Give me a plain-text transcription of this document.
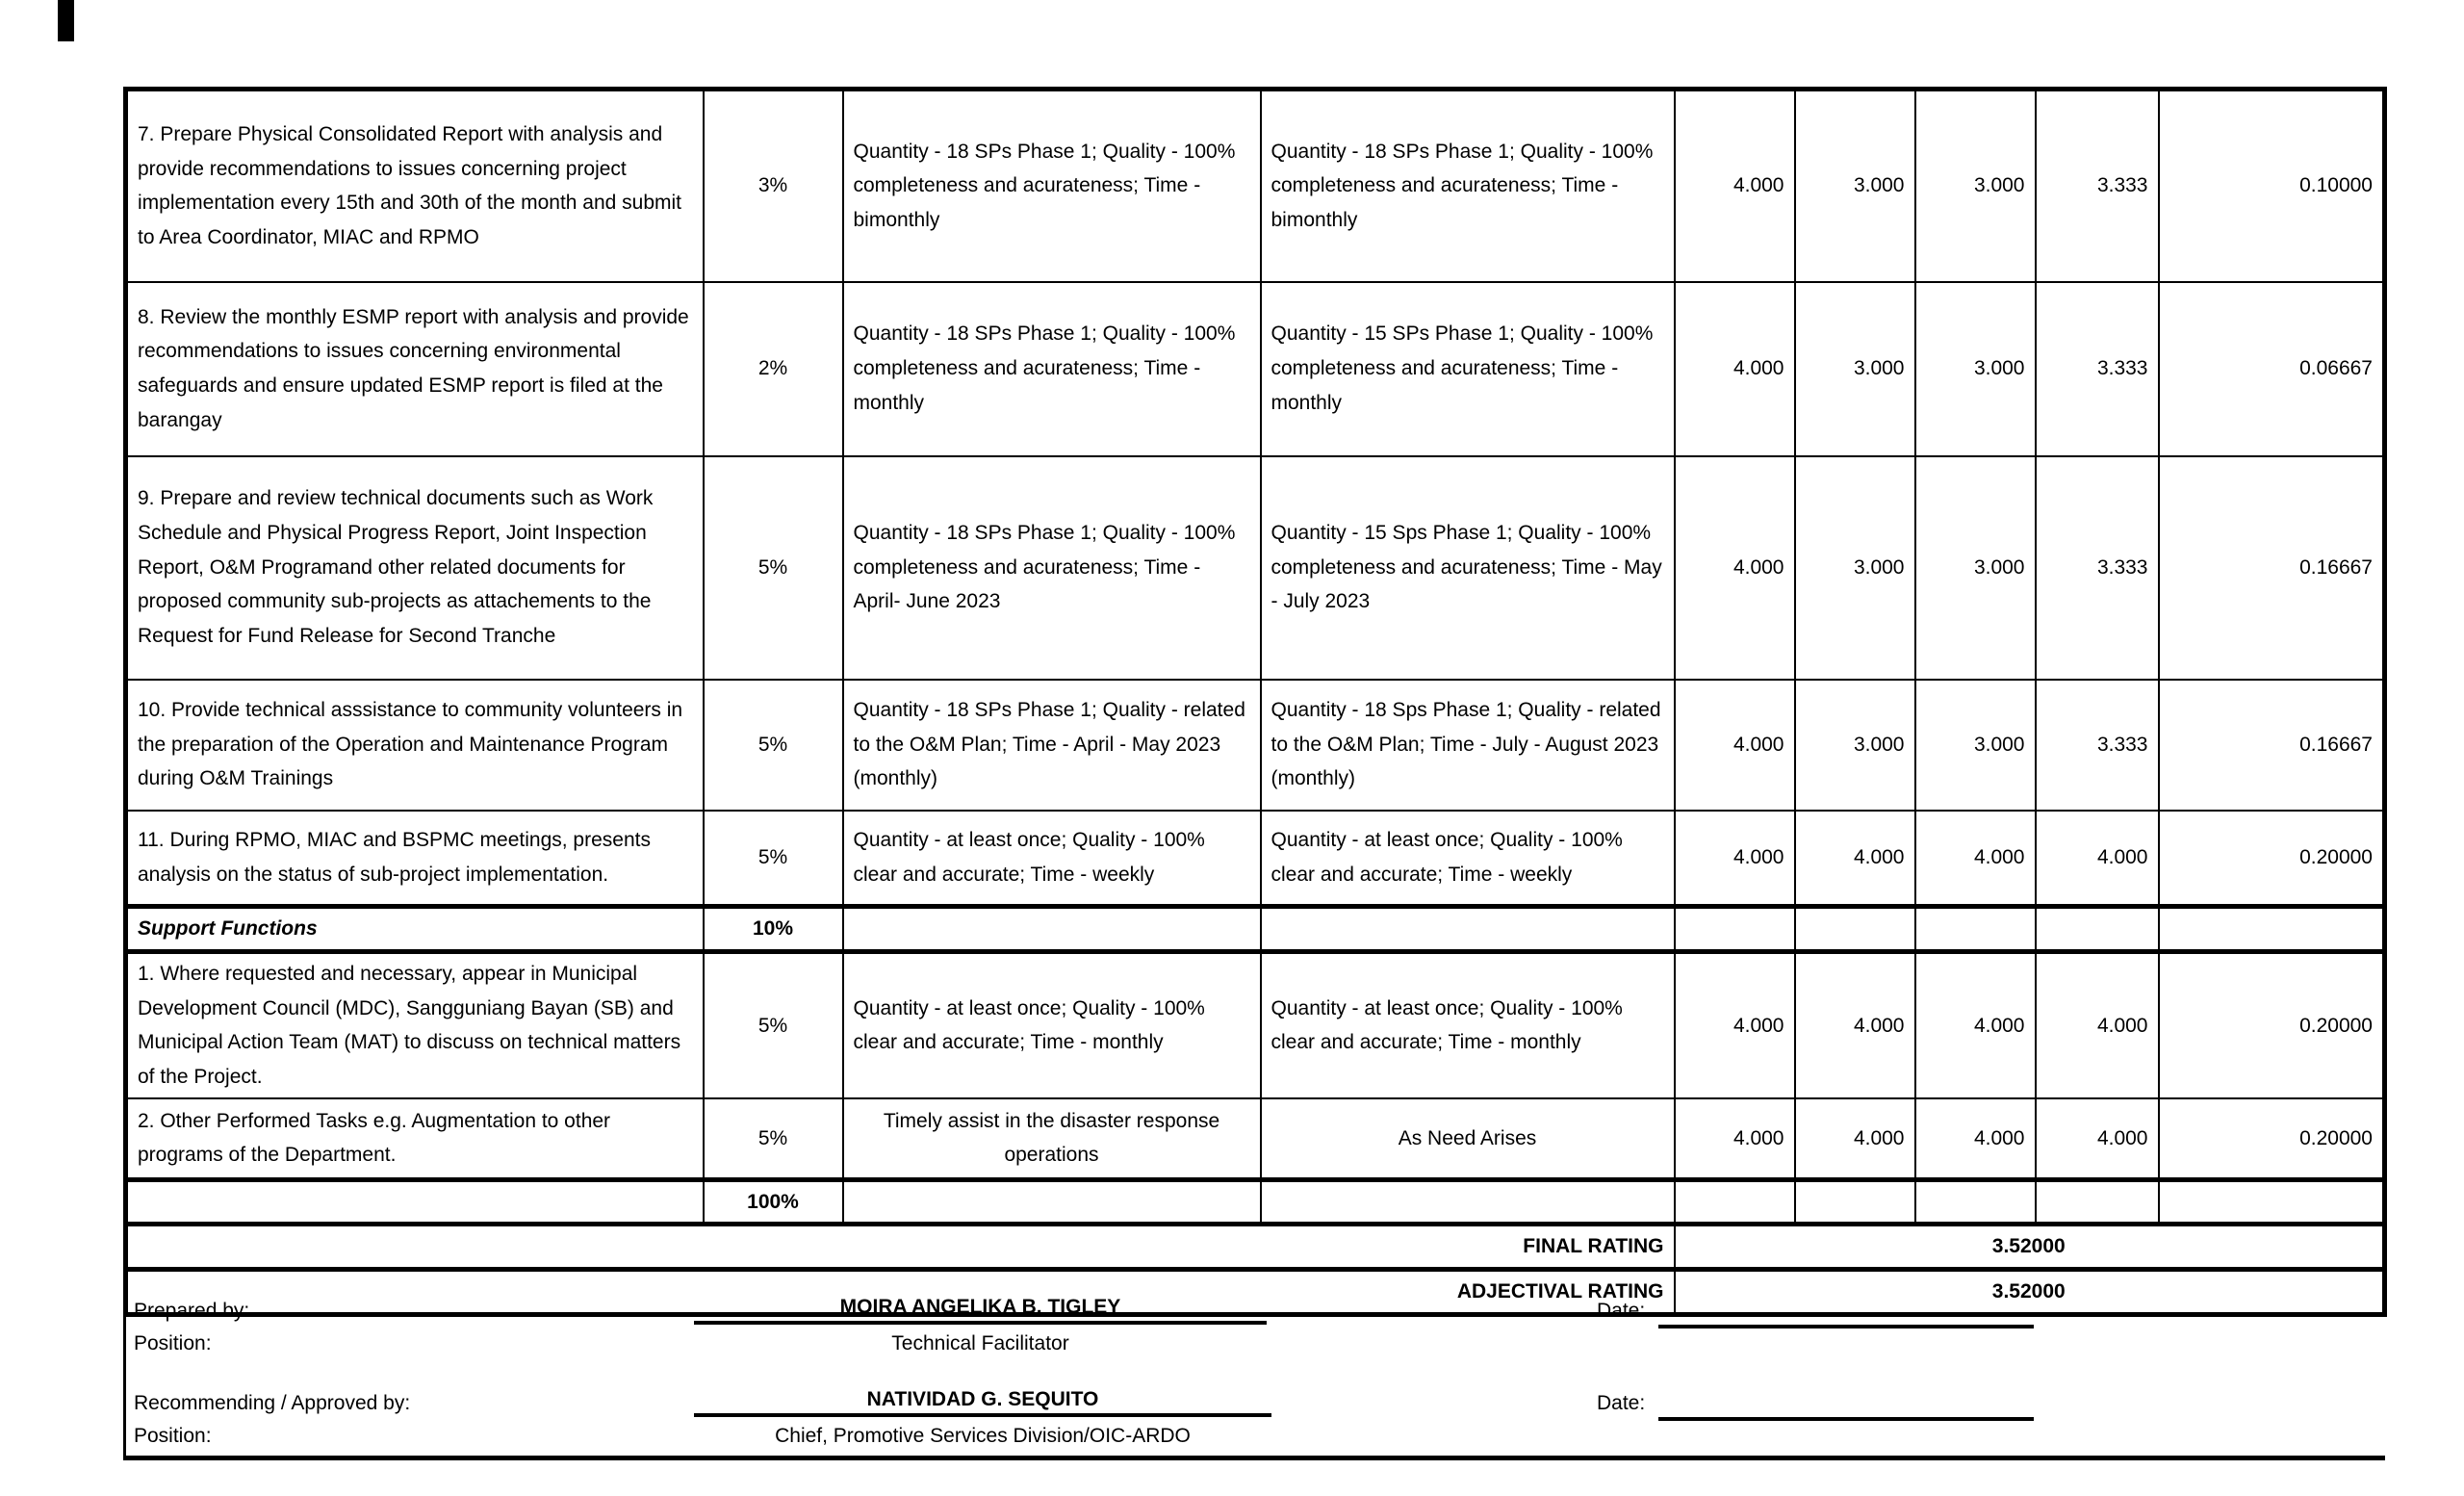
7. Prepare Physical Consolidated Report with analysis and provide recommendations to issues concerning project implementation every 15th and 30th of the month and submit to Area Coordinator, MIAC and RPMO	3%	Quantity - 18 SPs Phase 1; Quality - 100% completeness and acurateness; Time - bimonthly	Quantity - 18 SPs Phase 1; Quality - 100% completeness and acurateness; Time - bimonthly	4.000	3.000	3.000	3.333	0.10000
8. Review the monthly ESMP report with analysis and provide recommendations to issues concerning environmental safeguards and ensure updated ESMP report is filed at the barangay	2%	Quantity - 18 SPs Phase 1; Quality - 100% completeness and acurateness; Time - monthly	Quantity - 15 SPs Phase 1; Quality - 100% completeness and acurateness; Time - monthly	4.000	3.000	3.000	3.333	0.06667
9. Prepare and review technical documents such as Work Schedule and Physical Progress Report, Joint Inspection Report, O&M Programand other related documents for proposed community sub-projects as attachements to the Request for Fund Release for Second Tranche	5%	Quantity - 18 SPs Phase 1; Quality - 100% completeness and acurateness; Time - April- June 2023	Quantity - 15 Sps Phase 1; Quality - 100% completeness and acurateness; Time - May - July 2023	4.000	3.000	3.000	3.333	0.16667
10. Provide technical asssistance to community volunteers in the preparation of the Operation and Maintenance Program during O&M Trainings	5%	Quantity - 18 SPs Phase 1; Quality - related to the O&M Plan; Time - April - May 2023 (monthly)	Quantity - 18 Sps Phase 1; Quality - related to the O&M Plan; Time - July - August 2023 (monthly)	4.000	3.000	3.000	3.333	0.16667
11. During RPMO, MIAC and BSPMC meetings, presents analysis on the status of sub-project implementation.	5%	Quantity - at least once; Quality - 100% clear and accurate; Time - weekly	Quantity - at least once; Quality - 100% clear and accurate; Time - weekly	4.000	4.000	4.000	4.000	0.20000
Support Functions	10%							
1. Where requested and necessary, appear in Municipal Development Council (MDC), Sangguniang Bayan (SB) and Municipal Action Team (MAT) to discuss on technical matters of the Project.	5%	Quantity - at least once; Quality - 100% clear and accurate; Time - monthly	Quantity - at least once; Quality - 100% clear and accurate; Time - monthly	4.000	4.000	4.000	4.000	0.20000
2. Other Performed Tasks e.g. Augmentation to other programs of the Department.	5%	Timely assist in the disaster response operations	As Need Arises	4.000	4.000	4.000	4.000	0.20000
	100%							
FINAL RATING				3.52000				
ADJECTIVAL RATING				3.52000				
Prepared by:	MOIRA ANGELIKA B. TIGLEY	Date:
Position:	Technical Facilitator
Recommending / Approved by:	NATIVIDAD G. SEQUITO	Date:
Position:	Chief, Promotive Services Division/OIC-ARDO
